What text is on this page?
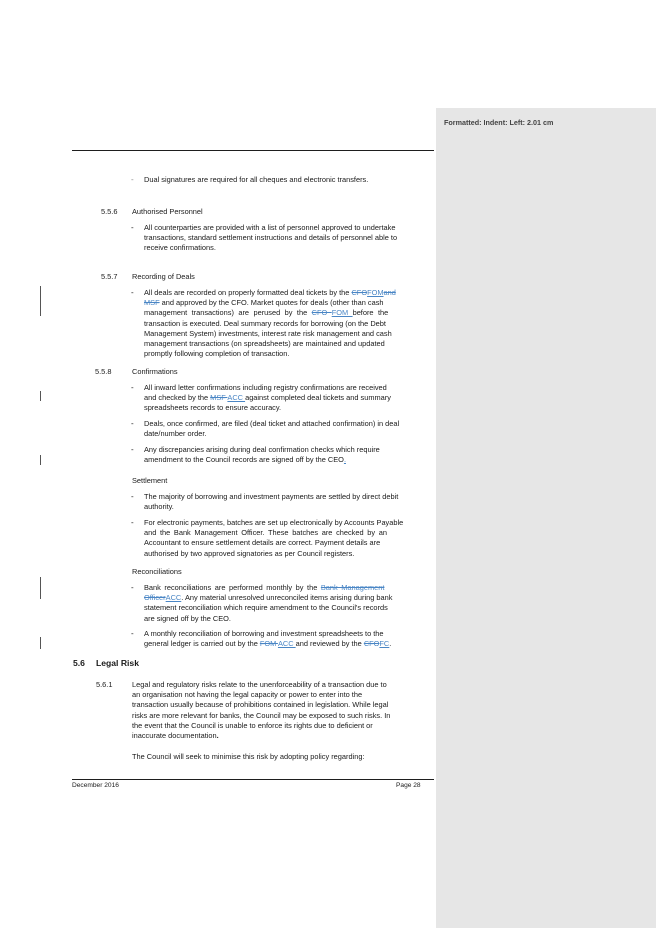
Formatted: Indent: Left: 2.01 cm

- Dual signatures are required for all cheques and electronic transfers.

5.5.6 Authorised Personnel

- All counterparties are provided with a list of personnel approved to undertake
transactions, standard settlement instructions and details of personnel able to
receive confirmations.

5.5.7 Recording of Deals

- All deals are recorded on properly formatted deal tickets by the CFOFOMand
MSF and approved by the CFO. Market quotes for deals (other than cash
management transactions) are perused by the CFO FOM before the
transaction is executed. Deal summary records for borrowing (on the Debt
Management System) investments, interest rate risk management and cash
management transactions (on spreadsheets) are maintained and updated
promptly following completion of transaction.

5.5.8	Confirmations

- All inward letter confirmations including registry confirmations are received
and checked by the MSF ACC against completed deal tickets and summary
spreadsheets records to ensure accuracy.

- Deals, once confirmed, are filed (deal ticket and attached confirmation) in deal
date/number order.

- Any discrepancies arising during deal confirmation checks which require
amendment to the Council records are signed off by the CEO.

Settlement

- The majority of borrowing and investment payments are settled by direct debit
authority.

- For electronic payments, batches are set up electronically by Accounts Payable
and the Bank Management Officer. These batches are checked by an
Accountant to ensure settlement details are correct. Payment details are
authorised by two approved signatories as per Council registers.

Reconciliations

- Bank reconciliations are performed monthly by the Bank Management
OfficerACC. Any material unresolved unreconciled items arising during bank
statement reconciliation which require amendment to the Council's records
are signed off by the CEO.

- A monthly reconciliation of borrowing and investment spreadsheets to the
general ledger is carried out by the FOM ACC and reviewed by the CFOFC.

5.6 Legal Risk

5.6.1	Legal and regulatory risks relate to the unenforceability of a transaction due to
an organisation not having the legal capacity or power to enter into the
transaction usually because of prohibitions contained in legislation. While legal
risks are more relevant for banks, the Council may be exposed to such risks. In
the event that the Council is unable to enforce its rights due to deficient or
inaccurate documentation.

The Council will seek to minimise this risk by adopting policy regarding:

December 2016	Page 28
